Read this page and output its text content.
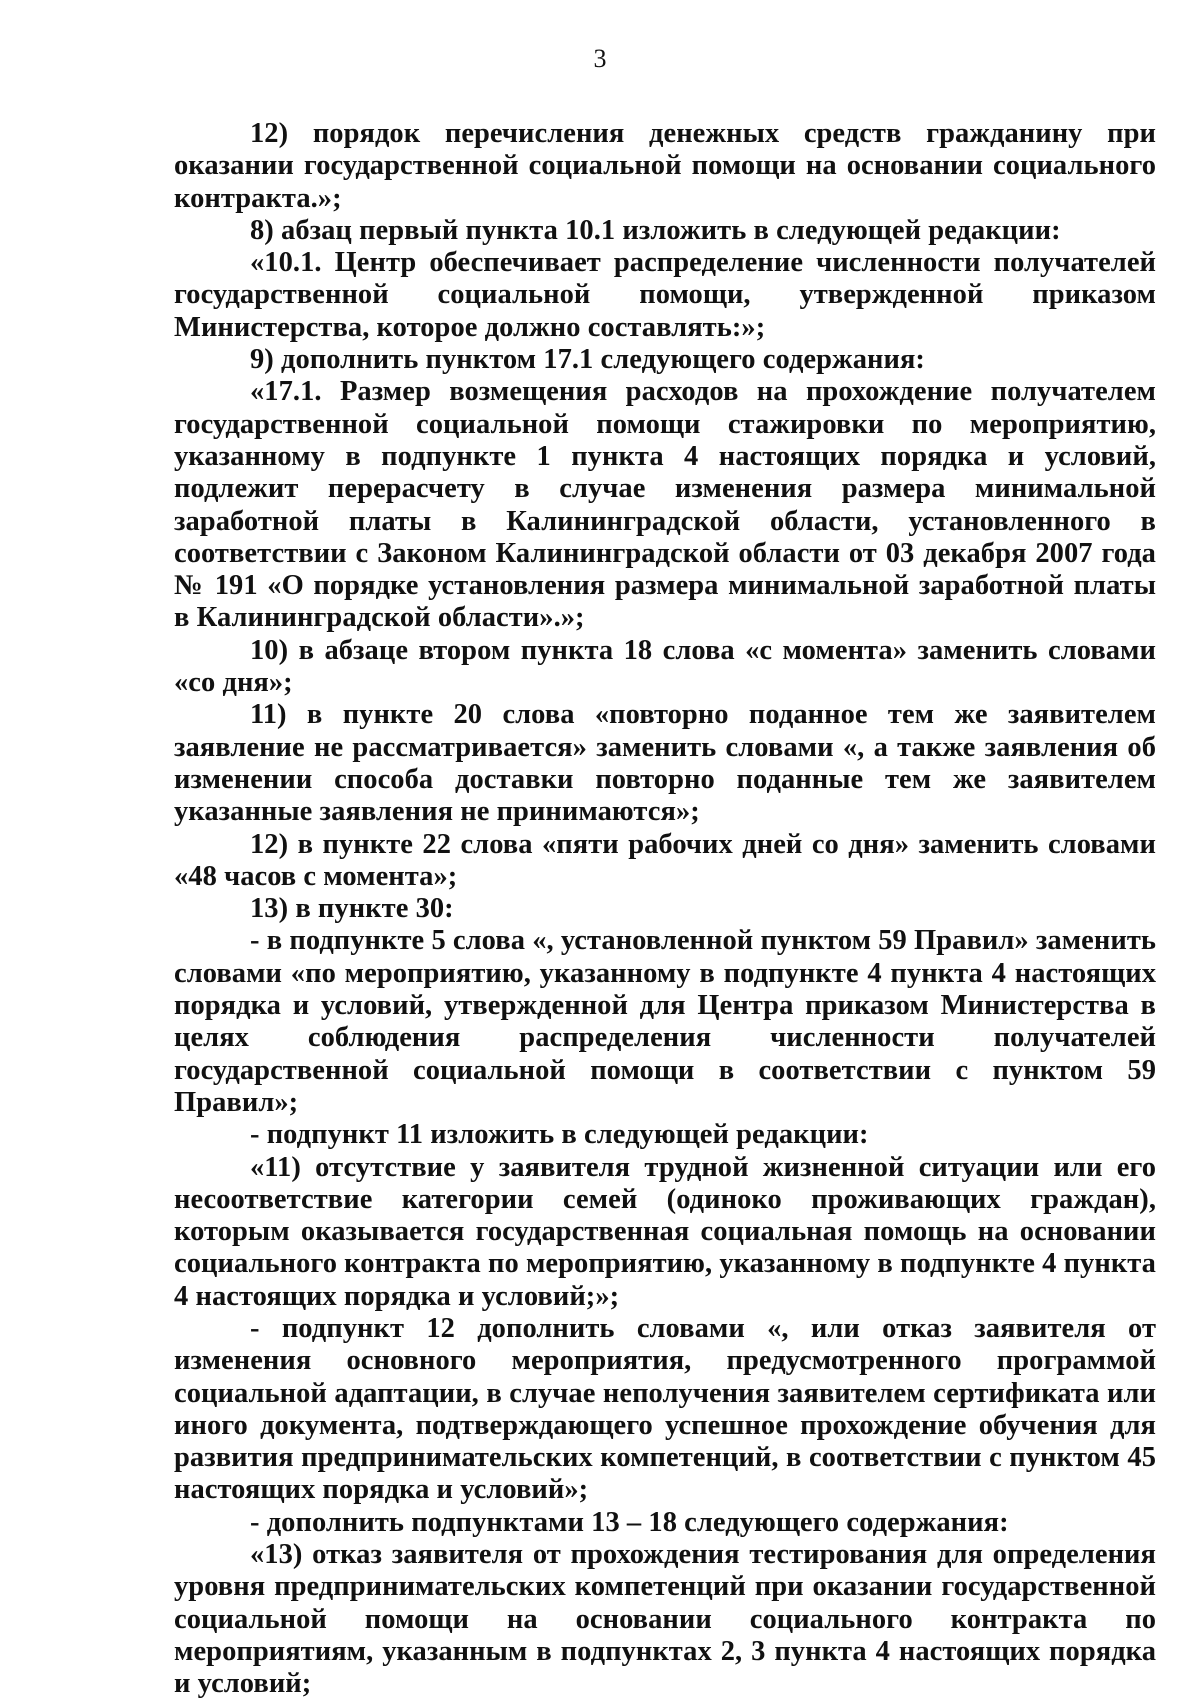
3

12) порядок перечисления денежных средств гражданину при оказании государственной социальной помощи на основании социального контракта.»;

8) абзац первый пункта 10.1 изложить в следующей редакции:

«10.1. Центр обеспечивает распределение численности получателей государственной социальной помощи, утвержденной приказом Министерства, которое должно составлять:»;

9) дополнить пунктом 17.1 следующего содержания:

«17.1. Размер возмещения расходов на прохождение получателем государственной социальной помощи стажировки по мероприятию, указанному в подпункте 1 пункта 4 настоящих порядка и условий, подлежит перерасчету в случае изменения размера минимальной заработной платы в Калининградской области, установленного в соответствии с Законом Калининградской области от 03 декабря 2007 года № 191 «О порядке установления размера минимальной заработной платы в Калининградской области».»;

10) в абзаце втором пункта 18 слова «с момента» заменить словами «со дня»;

11) в пункте 20 слова «повторно поданное тем же заявителем заявление не рассматривается» заменить словами «, а также заявления об изменении способа доставки повторно поданные тем же заявителем указанные заявления не принимаются»;

12) в пункте 22 слова «пяти рабочих дней со дня» заменить словами «48 часов с момента»;

13) в пункте 30:

- в подпункте 5 слова «, установленной пунктом 59 Правил» заменить словами «по мероприятию, указанному в подпункте 4 пункта 4 настоящих порядка и условий, утвержденной для Центра приказом Министерства в целях соблюдения распределения численности получателей государственной социальной помощи в соответствии с пунктом 59 Правил»;

- подпункт 11 изложить в следующей редакции:

«11) отсутствие у заявителя трудной жизненной ситуации или его несоответствие категории семей (одиноко проживающих граждан), которым оказывается государственная социальная помощь на основании социального контракта по мероприятию, указанному в подпункте 4 пункта 4 настоящих порядка и условий;»;

- подпункт 12 дополнить словами «, или отказ заявителя от изменения основного мероприятия, предусмотренного программой социальной адаптации, в случае неполучения заявителем сертификата или иного документа, подтверждающего успешное прохождение обучения для развития предпринимательских компетенций, в соответствии с пунктом 45 настоящих порядка и условий»;

- дополнить подпунктами 13 – 18 следующего содержания:

«13) отказ заявителя от прохождения тестирования для определения уровня предпринимательских компетенций при оказании государственной социальной помощи на основании социального контракта по мероприятиям, указанным в подпунктах 2, 3 пункта 4 настоящих порядка и условий;
